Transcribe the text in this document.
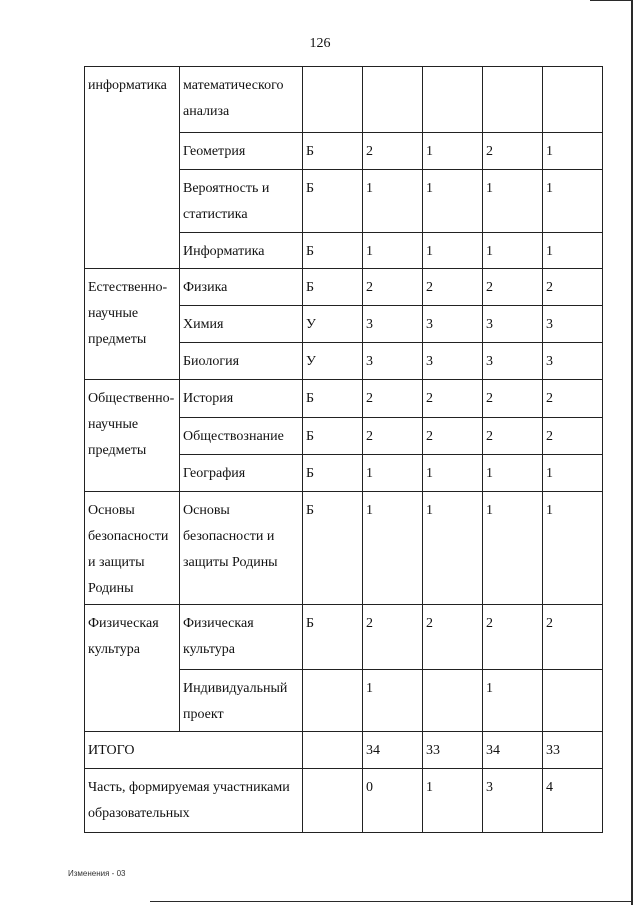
126
информатика	математического анализа					
	Геометрия	Б	2	1	2	1
	Вероятность и статистика	Б	1	1	1	1
	Информатика	Б	1	1	1	1
Естественно-научные предметы	Физика	Б	2	2	2	2
	Химия	У	3	3	3	3
	Биология	У	3	3	3	3
Общественно-научные предметы	История	Б	2	2	2	2
	Обществознание	Б	2	2	2	2
	География	Б	1	1	1	1
Основы безопасности и защиты Родины	Основы безопасности и защиты Родины	Б	1	1	1	1
Физическая культура	Физическая культура	Б	2	2	2	2
	Индивидуальный проект		1		1	
ИТОГО			34	33	34	33
Часть, формируемая участниками образовательных			0	1	3	4
Изменения - 03
